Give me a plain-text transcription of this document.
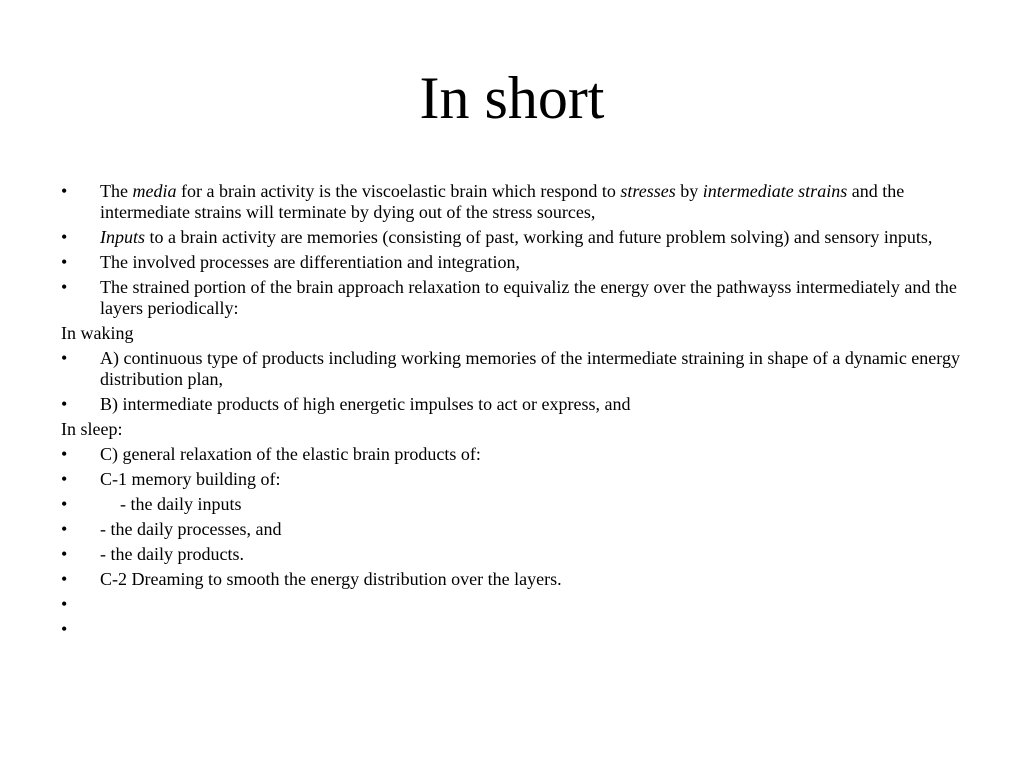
In short
• The media for a brain activity is the viscoelastic brain which respond to stresses by intermediate strains and the intermediate strains will terminate by dying out of the stress sources,
• Inputs to a brain activity are memories (consisting of past, working and future problem solving) and sensory inputs,
• The involved processes are differentiation and integration,
• The strained portion of the brain approach relaxation to equivaliz the energy over the pathwayss intermediately and the layers periodically:
In waking
• A) continuous type of products including working memories of the intermediate straining in shape of a dynamic energy distribution plan,
• B) intermediate products of high energetic impulses to act or express, and
In sleep:
• C) general relaxation of the elastic brain products of:
• C-1 memory building of:
•	- the daily inputs
• - the daily processes, and
• - the daily products.
• C-2 Dreaming to smooth the energy distribution over the layers.
•

•
